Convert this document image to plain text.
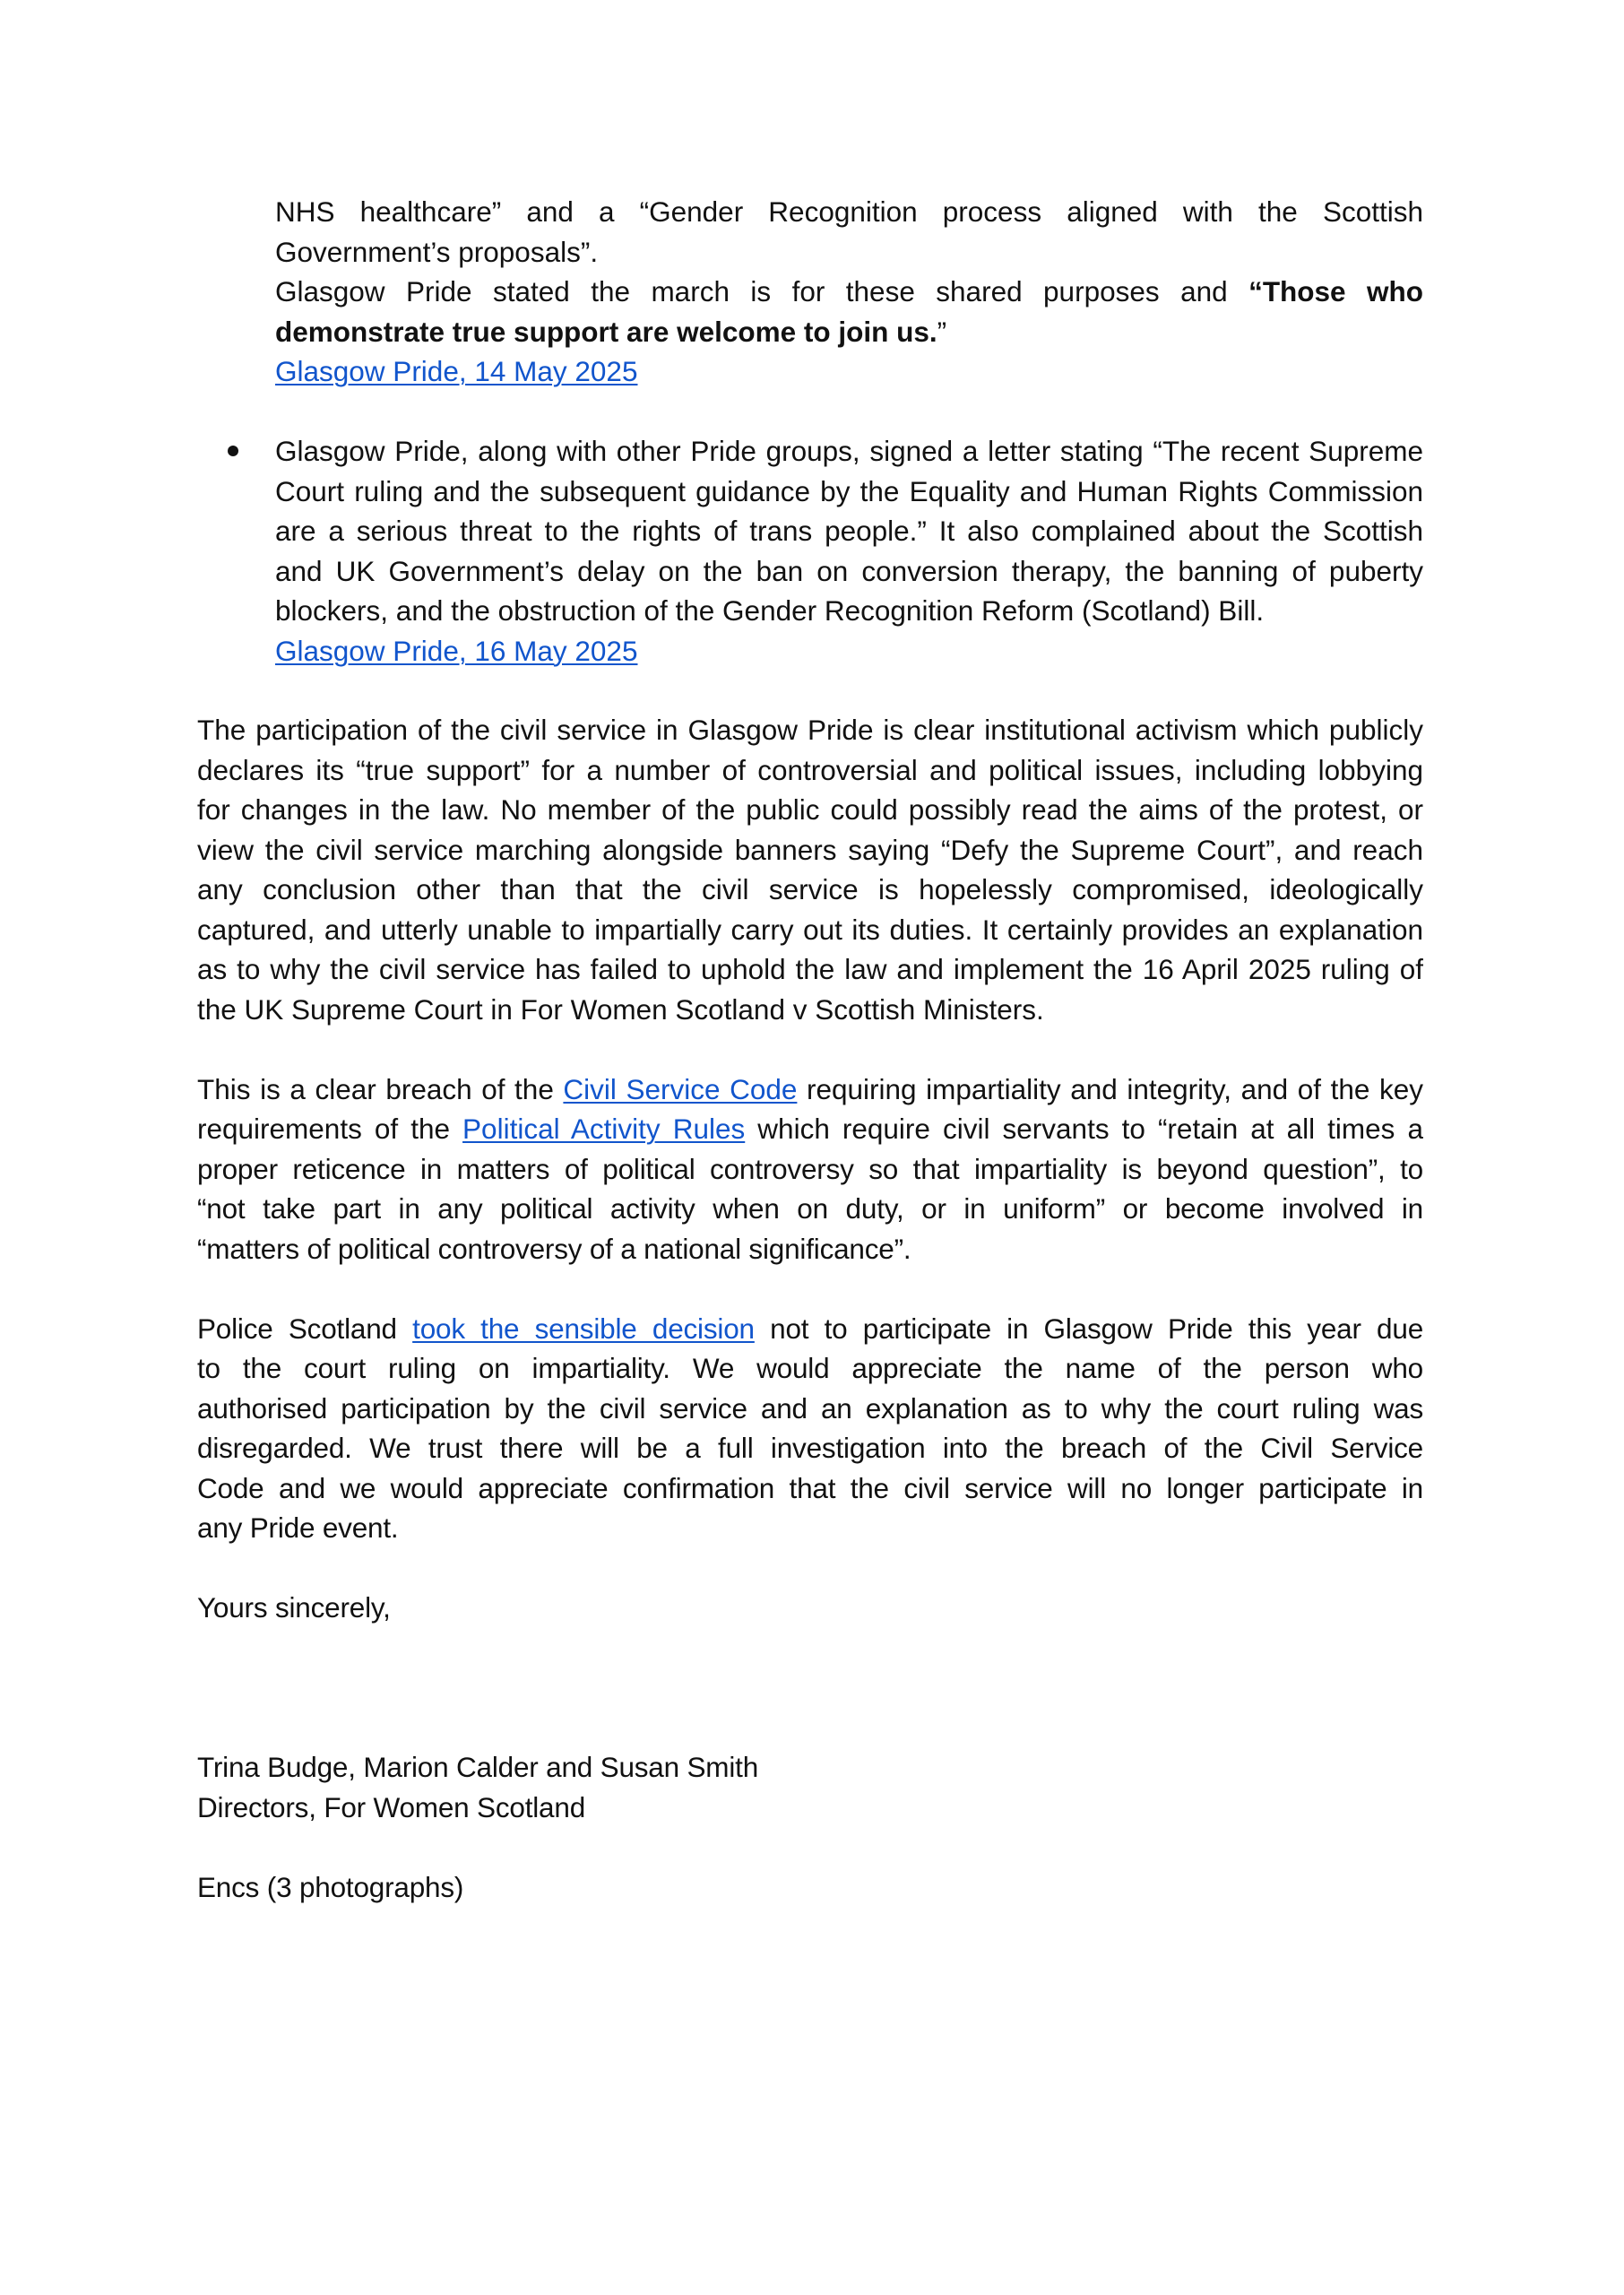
NHS healthcare” and a “Gender Recognition process aligned with the Scottish
Government’s proposals”.
Glasgow Pride stated the march is for these shared purposes and “Those who
demonstrate true support are welcome to join us.”
Glasgow Pride, 14 May 2025
Glasgow Pride, along with other Pride groups, signed a letter stating “The recent Supreme
Court ruling and the subsequent guidance by the Equality and Human Rights Commission
are a serious threat to the rights of trans people.” It also complained about the Scottish
and UK Government’s delay on the ban on conversion therapy, the banning of puberty
blockers, and the obstruction of the Gender Recognition Reform (Scotland) Bill.
Glasgow Pride, 16 May 2025
The participation of the civil service in Glasgow Pride is clear institutional activism which publicly
declares its “true support” for a number of controversial and political issues, including lobbying
for changes in the law. No member of the public could possibly read the aims of the protest, or
view the civil service marching alongside banners saying “Defy the Supreme Court”, and reach
any conclusion other than that the civil service is hopelessly compromised, ideologically
captured, and utterly unable to impartially carry out its duties. It certainly provides an explanation
as to why the civil service has failed to uphold the law and implement the 16 April 2025 ruling of
the UK Supreme Court in For Women Scotland v Scottish Ministers.
This is a clear breach of the Civil Service Code requiring impartiality and integrity, and of the key
requirements of the Political Activity Rules which require civil servants to “retain at all times a
proper reticence in matters of political controversy so that impartiality is beyond question”, to
“not take part in any political activity when on duty, or in uniform” or become involved in
“matters of political controversy of a national significance”.
Police Scotland took the sensible decision not to participate in Glasgow Pride this year due
to the court ruling on impartiality. We would appreciate the name of the person who
authorised participation by the civil service and an explanation as to why the court ruling was
disregarded. We trust there will be a full investigation into the breach of the Civil Service
Code and we would appreciate confirmation that the civil service will no longer participate in
any Pride event.
Yours sincerely,
Trina Budge, Marion Calder and Susan Smith
Directors, For Women Scotland
Encs (3 photographs)
